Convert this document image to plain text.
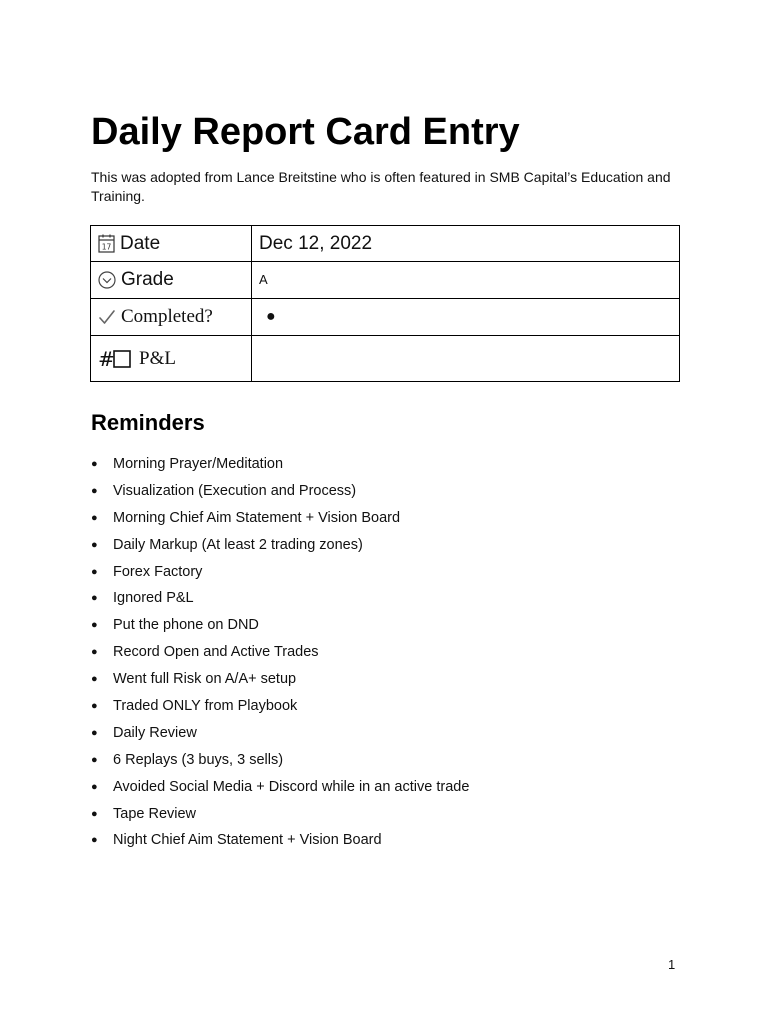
Daily Report Card Entry

This was adopted from Lance Breitstine who is often featured in SMB Capital’s Education and Training.

17 Date	Dec 12, 2022

Grade	A

Completed?	●

# P&L	

Reminders
● Morning Prayer/Meditation
● Visualization (Execution and Process)
● Morning Chief Aim Statement + Vision Board
● Daily Markup (At least 2 trading zones)
● Forex Factory
● Ignored P&L
● Put the phone on DND
● Record Open and Active Trades
● Went full Risk on A/A+ setup
● Traded ONLY from Playbook
● Daily Review
● 6 Replays (3 buys, 3 sells)
● Avoided Social Media + Discord while in an active trade
● Tape Review
● Night Chief Aim Statement + Vision Board
1
